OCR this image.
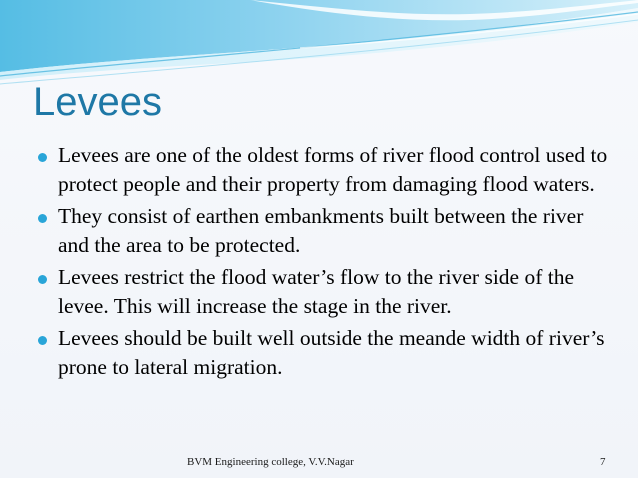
Levees
Levees are one of the oldest forms of river flood control used to protect people and their property from damaging flood waters.
They consist of earthen embankments built between the river and the area to be protected.
Levees restrict the flood water’s flow to the river side of the levee. This will increase the stage in the river.
Levees should be built well outside the meande width of river’s prone to lateral migration.
BVM Engineering college, V.V.Nagar	7
